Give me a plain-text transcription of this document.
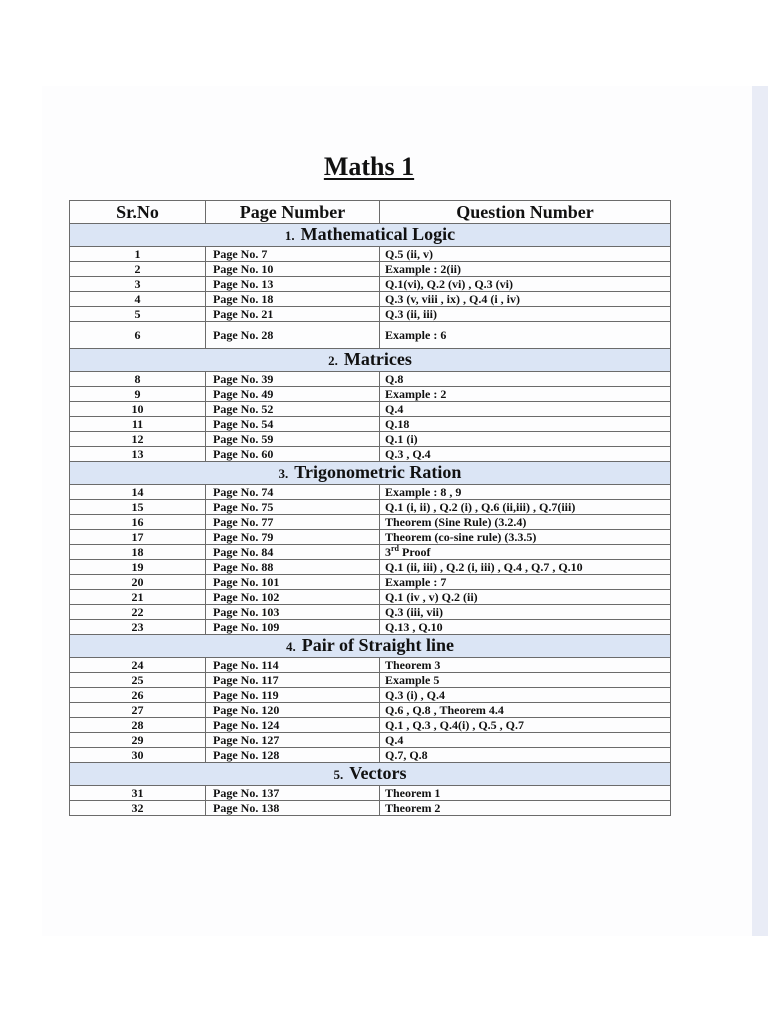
Maths 1
Sr.No	Page Number	Question Number
1. Mathematical Logic		
1	Page No. 7	Q.5 (ii, v)
2	Page No. 10	Example : 2(ii)
3	Page No. 13	Q.1(vi), Q.2 (vi) , Q.3 (vi)
4	Page No. 18	Q.3 (v, viii , ix) , Q.4 (i , iv)
5	Page No. 21	Q.3 (ii, iii)
6	Page No. 28	Example : 6
2. Matrices		
8	Page No. 39	Q.8
9	Page No. 49	Example : 2
10	Page No. 52	Q.4
11	Page No. 54	Q.18
12	Page No. 59	Q.1 (i)
13	Page No. 60	Q.3 , Q.4
3. Trigonometric Ration		
14	Page No. 74	Example : 8 , 9
15	Page No. 75	Q.1 (i, ii) , Q.2 (i) , Q.6 (ii,iii) , Q.7(iii)
16	Page No. 77	Theorem (Sine Rule) (3.2.4)
17	Page No. 79	Theorem (co-sine rule) (3.3.5)
18	Page No. 84	3rd Proof
19	Page No. 88	Q.1 (ii, iii) , Q.2 (i, iii) , Q.4 , Q.7 , Q.10
20	Page No. 101	Example : 7
21	Page No. 102	Q.1 (iv , v) Q.2 (ii)
22	Page No. 103	Q.3 (iii, vii)
23	Page No. 109	Q.13 , Q.10
4. Pair of Straight line		
24	Page No. 114	Theorem 3
25	Page No. 117	Example 5
26	Page No. 119	Q.3 (i) , Q.4
27	Page No. 120	Q.6 , Q.8 , Theorem 4.4
28	Page No. 124	Q.1 , Q.3 , Q.4(i) , Q.5 , Q.7
29	Page No. 127	Q.4
30	Page No. 128	Q.7, Q.8
5. Vectors		
31	Page No. 137	Theorem 1
32	Page No. 138	Theorem 2
